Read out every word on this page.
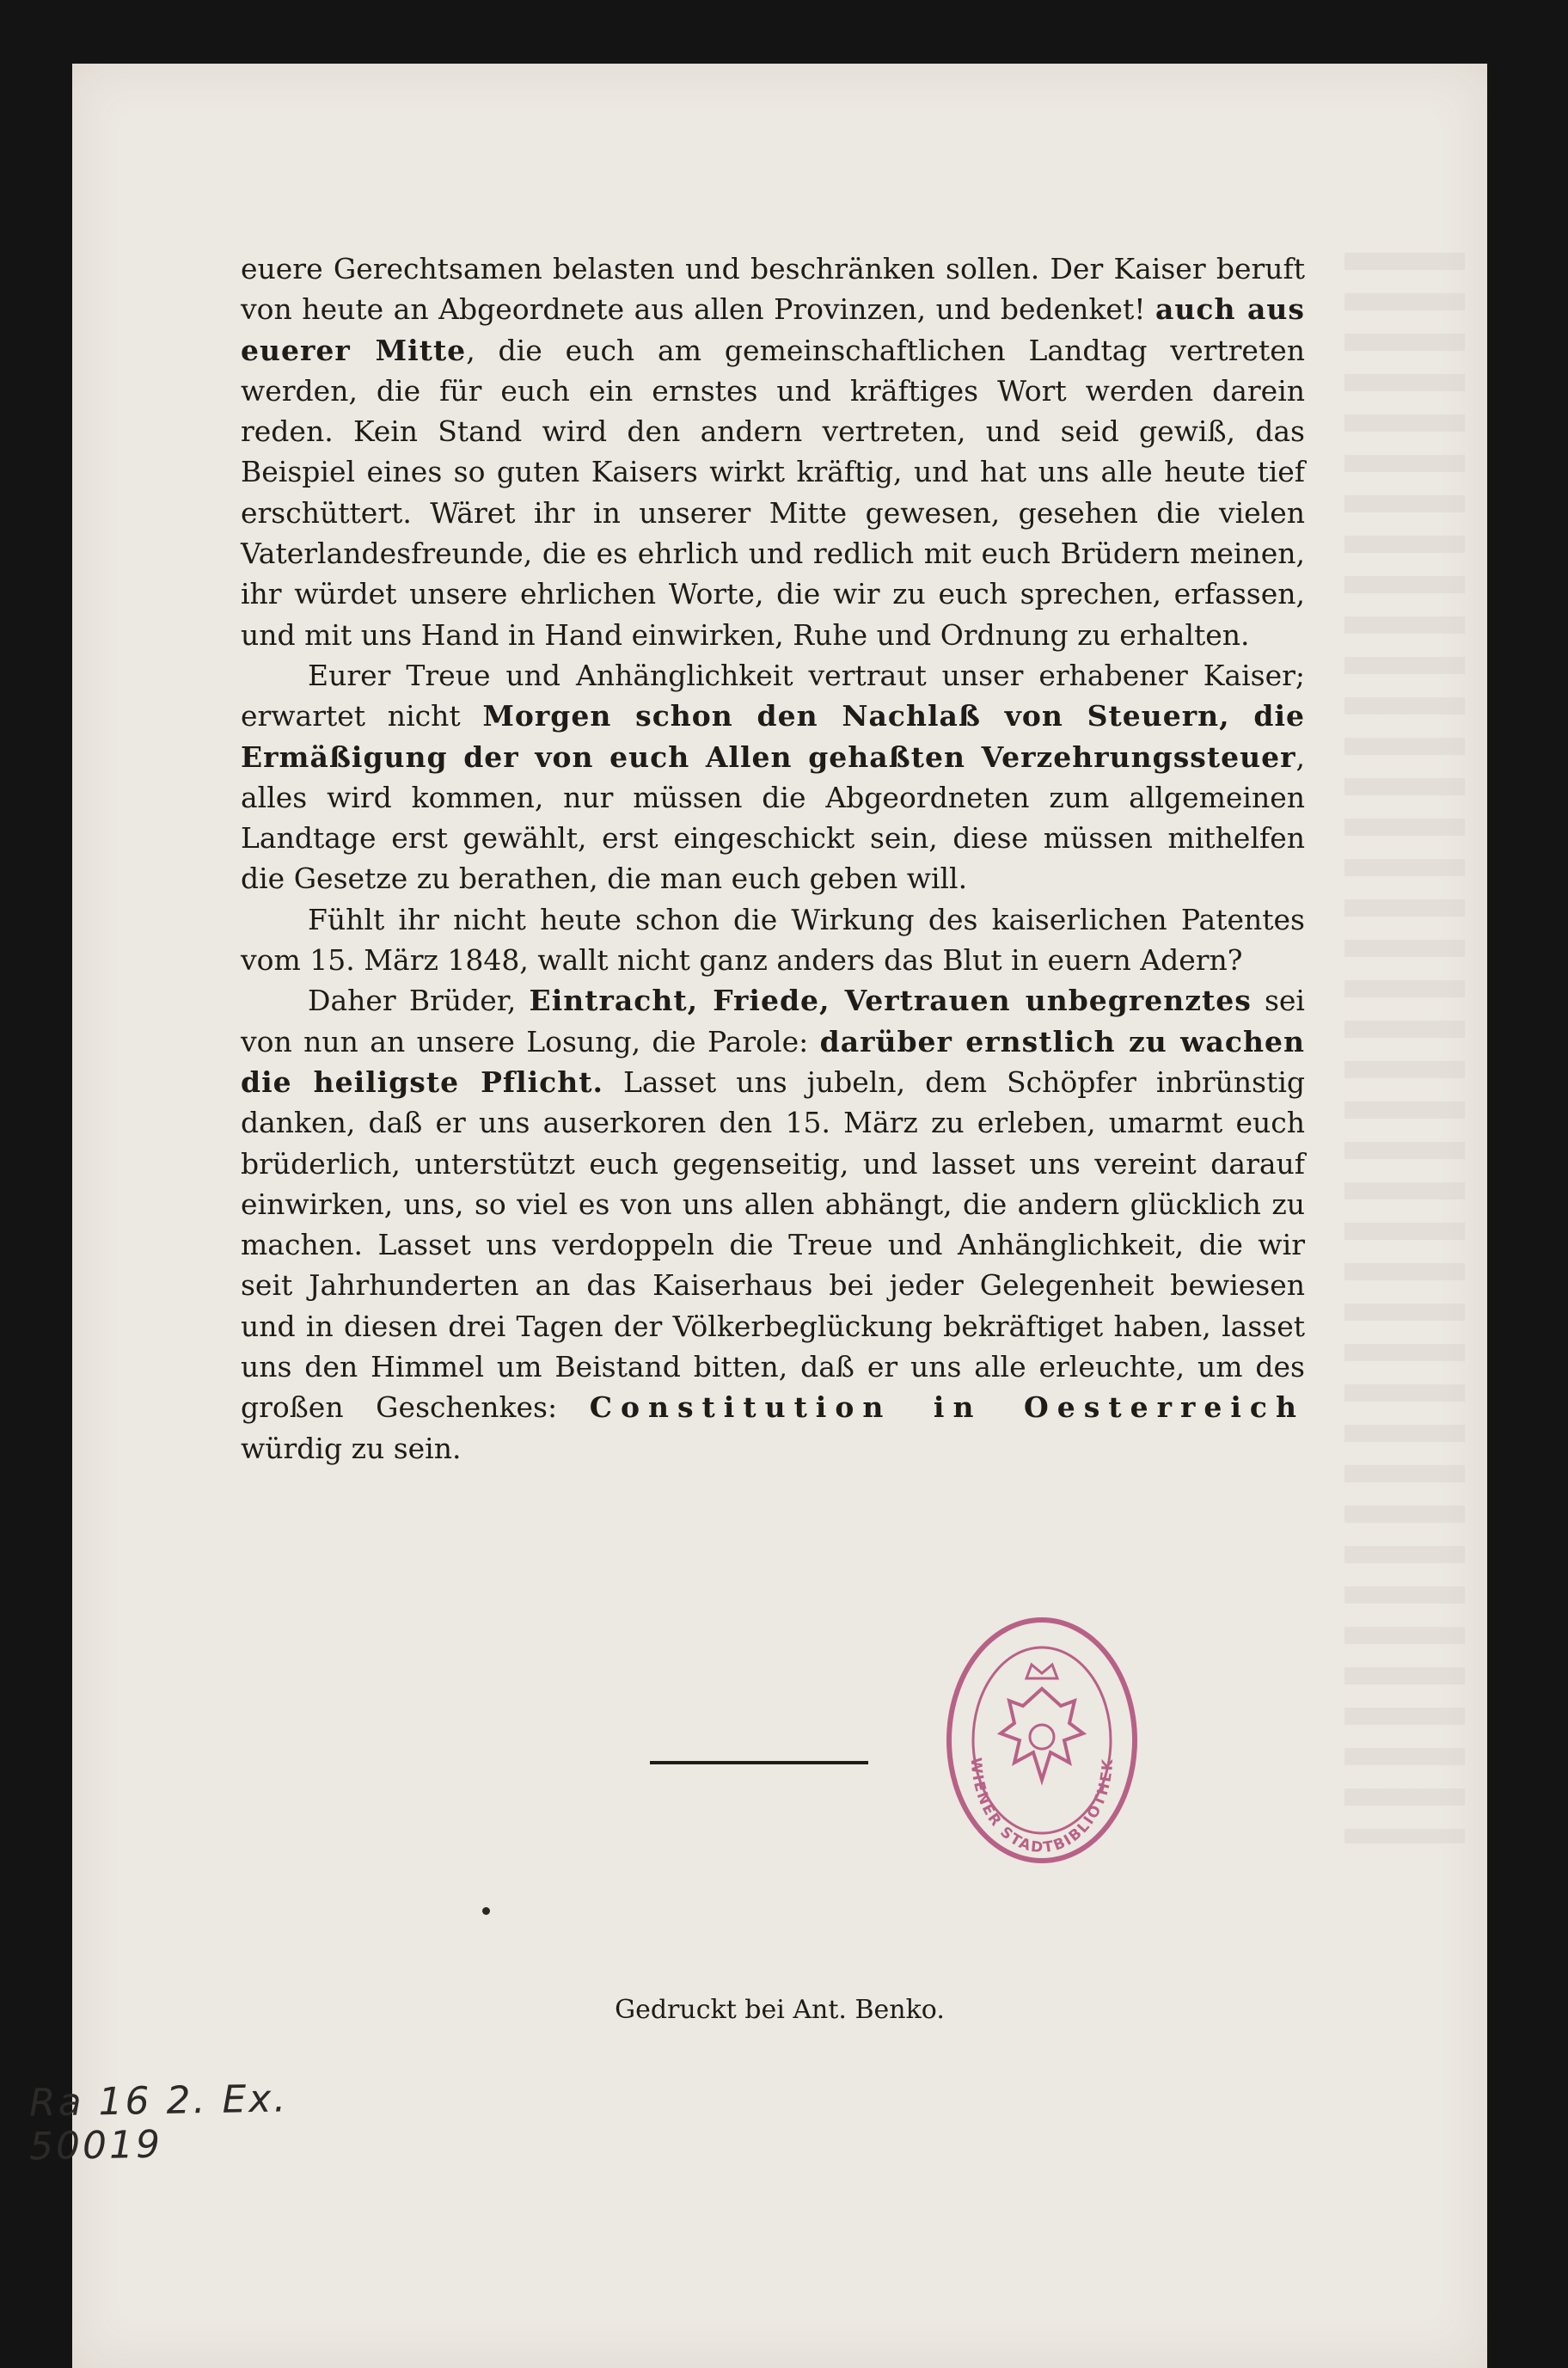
euere Gerechtsamen belasten und beschränken sollen. Der Kaiser beruft von heute an Abgeordnete aus allen Provinzen, und bedenket! auch aus euerer Mitte, die euch am gemeinschaftlichen Landtag vertreten werden, die für euch ein ernstes und kräftiges Wort werden darein reden. Kein Stand wird den andern vertreten, und seid gewiß, das Beispiel eines so guten Kaisers wirkt kräftig, und hat uns alle heute tief erschüttert. Wäret ihr in unserer Mitte gewesen, gesehen die vielen Vaterlandesfreunde, die es ehrlich und redlich mit euch Brüdern meinen, ihr würdet unsere ehrlichen Worte, die wir zu euch sprechen, erfassen, und mit uns Hand in Hand einwirken, Ruhe und Ordnung zu erhalten.

Eurer Treue und Anhänglichkeit vertraut unser erhabener Kaiser; erwartet nicht Morgen schon den Nachlaß von Steuern, die Ermäßigung der von euch Allen gehaßten Verzehrungssteuer, alles wird kommen, nur müssen die Abgeordneten zum allgemeinen Landtage erst gewählt, erst eingeschickt sein, diese müssen mithelfen die Gesetze zu berathen, die man euch geben will.

Fühlt ihr nicht heute schon die Wirkung des kaiserlichen Patentes vom 15. März 1848, wallt nicht ganz anders das Blut in euern Adern?

Daher Brüder, Eintracht, Friede, Vertrauen unbegrenztes sei von nun an unsere Losung, die Parole: darüber ernstlich zu wachen die heiligste Pflicht. Lasset uns jubeln, dem Schöpfer inbrünstig danken, daß er uns auserkoren den 15. März zu erleben, umarmt euch brüderlich, unterstützt euch gegenseitig, und lasset uns vereint darauf einwirken, uns, so viel es von uns allen abhängt, die andern glücklich zu machen. Lasset uns verdoppeln die Treue und Anhänglichkeit, die wir seit Jahrhunderten an das Kaiserhaus bei jeder Gelegenheit bewiesen und in diesen drei Tagen der Völkerbeglückung bekräftiget haben, lasset uns den Himmel um Beistand bitten, daß er uns alle erleuchte, um des großen Geschenkes: Constitution in Oesterreich würdig zu sein.

Gedruckt bei Ant. Benko.
WIENER STADTBIBLIOTHEK
Ra 16 2. Ex.
50019
